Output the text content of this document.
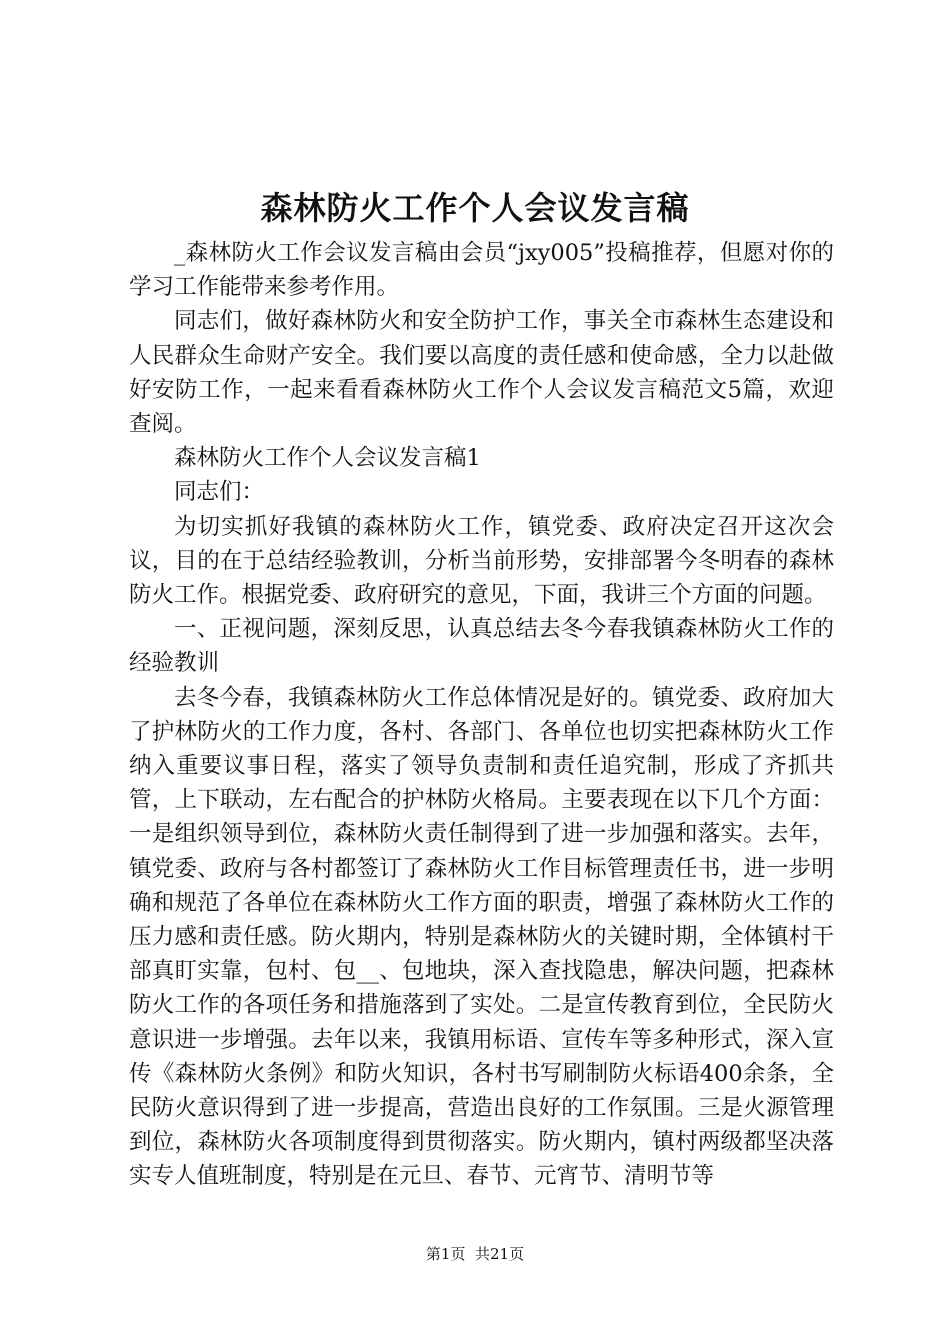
森林防火工作个人会议发言稿

_森林防火工作会议发言稿由会员“jxy005”投稿推荐，但愿对你的学习工作能带来参考作用。

同志们，做好森林防火和安全防护工作，事关全市森林生态建设和人民群众生命财产安全。我们要以高度的责任感和使命感，全力以赴做好安防工作，一起来看看森林防火工作个人会议发言稿范文5篇，欢迎查阅。

森林防火工作个人会议发言稿1

同志们：

为切实抓好我镇的森林防火工作，镇党委、政府决定召开这次会议，目的在于总结经验教训，分析当前形势，安排部署今冬明春的森林防火工作。根据党委、政府研究的意见，下面，我讲三个方面的问题。

一、正视问题，深刻反思，认真总结去冬今春我镇森林防火工作的经验教训

去冬今春，我镇森林防火工作总体情况是好的。镇党委、政府加大了护林防火的工作力度，各村、各部门、各单位也切实把森林防火工作纳入重要议事日程，落实了领导负责制和责任追究制，形成了齐抓共管，上下联动，左右配合的护林防火格局。主要表现在以下几个方面：一是组织领导到位，森林防火责任制得到了进一步加强和落实。去年，镇党委、政府与各村都签订了森林防火工作目标管理责任书，进一步明确和规范了各单位在森林防火工作方面的职责，增强了森林防火工作的压力感和责任感。防火期内，特别是森林防火的关键时期，全体镇村干部真盯实靠，包村、包__、包地块，深入查找隐患，解决问题，把森林防火工作的各项任务和措施落到了实处。二是宣传教育到位，全民防火意识进一步增强。去年以来，我镇用标语、宣传车等多种形式，深入宣传《森林防火条例》和防火知识，各村书写刷制防火标语400余条，全民防火意识得到了进一步提高，营造出良好的工作氛围。三是火源管理到位，森林防火各项制度得到贯彻落实。防火期内，镇村两级都坚决落实专人值班制度，特别是在元旦、春节、元宵节、清明节等

第1页  共21页
